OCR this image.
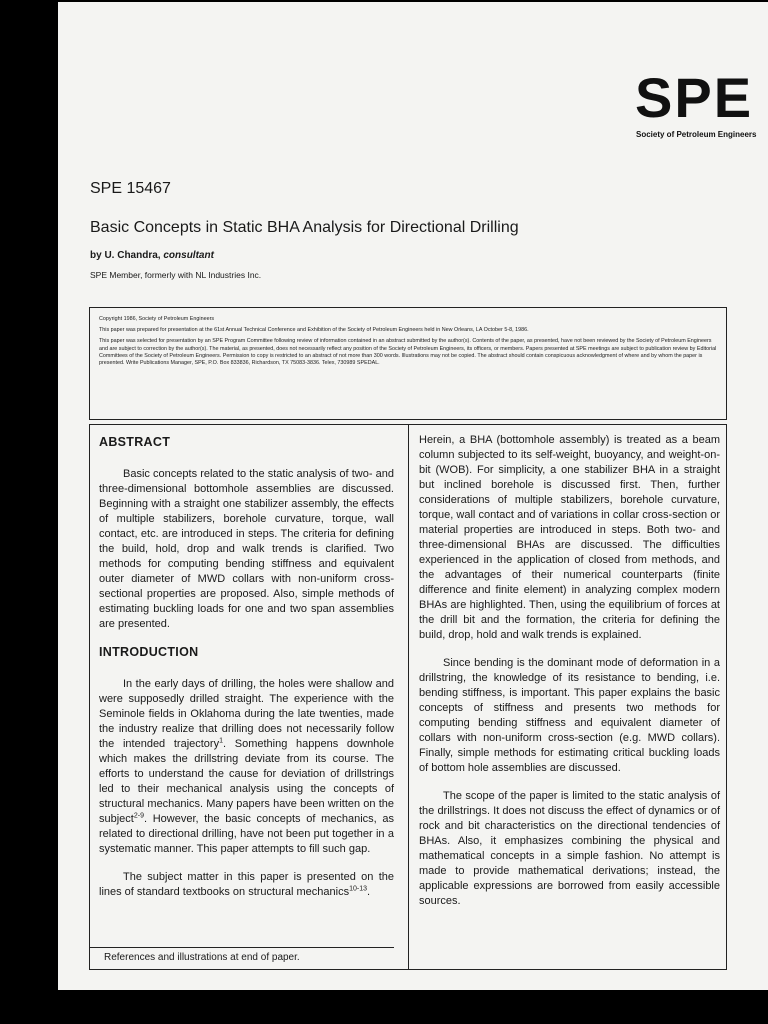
SPE
Society of Petroleum Engineers
SPE 15467
Basic Concepts in Static BHA Analysis for Directional Drilling
by U. Chandra, consultant
SPE Member, formerly with NL Industries Inc.

Copyright 1986, Society of Petroleum Engineers

This paper was prepared for presentation at the 61st Annual Technical Conference and Exhibition of the Society of Petroleum Engineers held in New Orleans, LA October 5-8, 1986.

This paper was selected for presentation by an SPE Program Committee following review of information contained in an abstract submitted by the author(s). Contents of the paper, as presented, have not been reviewed by the Society of Petroleum Engineers and are subject to correction by the author(s). The material, as presented, does not necessarily reflect any position of the Society of Petroleum Engineers, its officers, or members. Papers presented at SPE meetings are subject to publication review by Editorial Committees of the Society of Petroleum Engineers. Permission to copy is restricted to an abstract of not more than 300 words. Illustrations may not be copied. The abstract should contain conspicuous acknowledgment of where and by whom the paper is presented. Write Publications Manager, SPE, P.O. Box 833836, Richardson, TX 75083-3836. Telex, 730989 SPEDAL.

ABSTRACT

Basic concepts related to the static analysis of two- and three-dimensional bottomhole assemblies are discussed. Beginning with a straight one stabilizer assembly, the effects of multiple stabilizers, borehole curvature, torque, wall contact, etc. are introduced in steps. The criteria for defining the build, hold, drop and walk trends is clarified. Two methods for computing bending stiffness and equivalent outer diameter of MWD collars with non-uniform cross-sectional properties are proposed. Also, simple methods of estimating buckling loads for one and two span assemblies are presented.

INTRODUCTION

In the early days of drilling, the holes were shallow and were supposedly drilled straight. The experience with the Seminole fields in Oklahoma during the late twenties, made the industry realize that drilling does not necessarily follow the intended trajectory$^1$. Something happens downhole which makes the drillstring deviate from its course. The efforts to understand the cause for deviation of drillstrings led to their mechanical analysis using the concepts of structural mechanics. Many papers have been written on the subject$^{2-9}$. However, the basic concepts of mechanics, as related to directional drilling, have not been put together in a systematic manner. This paper attempts to fill such gap.

The subject matter in this paper is presented on the lines of standard textbooks on structural mechanics$^{10-13}$.

References and illustrations at end of paper.

Herein, a BHA (bottomhole assembly) is treated as a beam column subjected to its self-weight, buoyancy, and weight-on-bit (WOB). For simplicity, a one stabilizer BHA in a straight but inclined borehole is discussed first. Then, further considerations of multiple stabilizers, borehole curvature, torque, wall contact and of variations in collar cross-section or material properties are introduced in steps. Both two- and three-dimensional BHAs are discussed. The difficulties experienced in the application of closed from methods, and the advantages of their numerical counterparts (finite difference and finite element) in analyzing complex modern BHAs are highlighted. Then, using the equilibrium of forces at the drill bit and the formation, the criteria for defining the build, drop, hold and walk trends is explained.

Since bending is the dominant mode of deformation in a drillstring, the knowledge of its resistance to bending, i.e. bending stiffness, is important. This paper explains the basic concepts of stiffness and presents two methods for computing bending stiffness and equivalent diameter of collars with non-uniform cross-section (e.g. MWD collars). Finally, simple methods for estimating critical buckling loads of bottom hole assemblies are discussed.

The scope of the paper is limited to the static analysis of the drillstrings. It does not discuss the effect of dynamics or of rock and bit characteristics on the directional tendencies of BHAs. Also, it emphasizes combining the physical and mathematical concepts in a simple fashion. No attempt is made to provide mathematical derivations; instead, the applicable expressions are borrowed from easily accessible sources.
